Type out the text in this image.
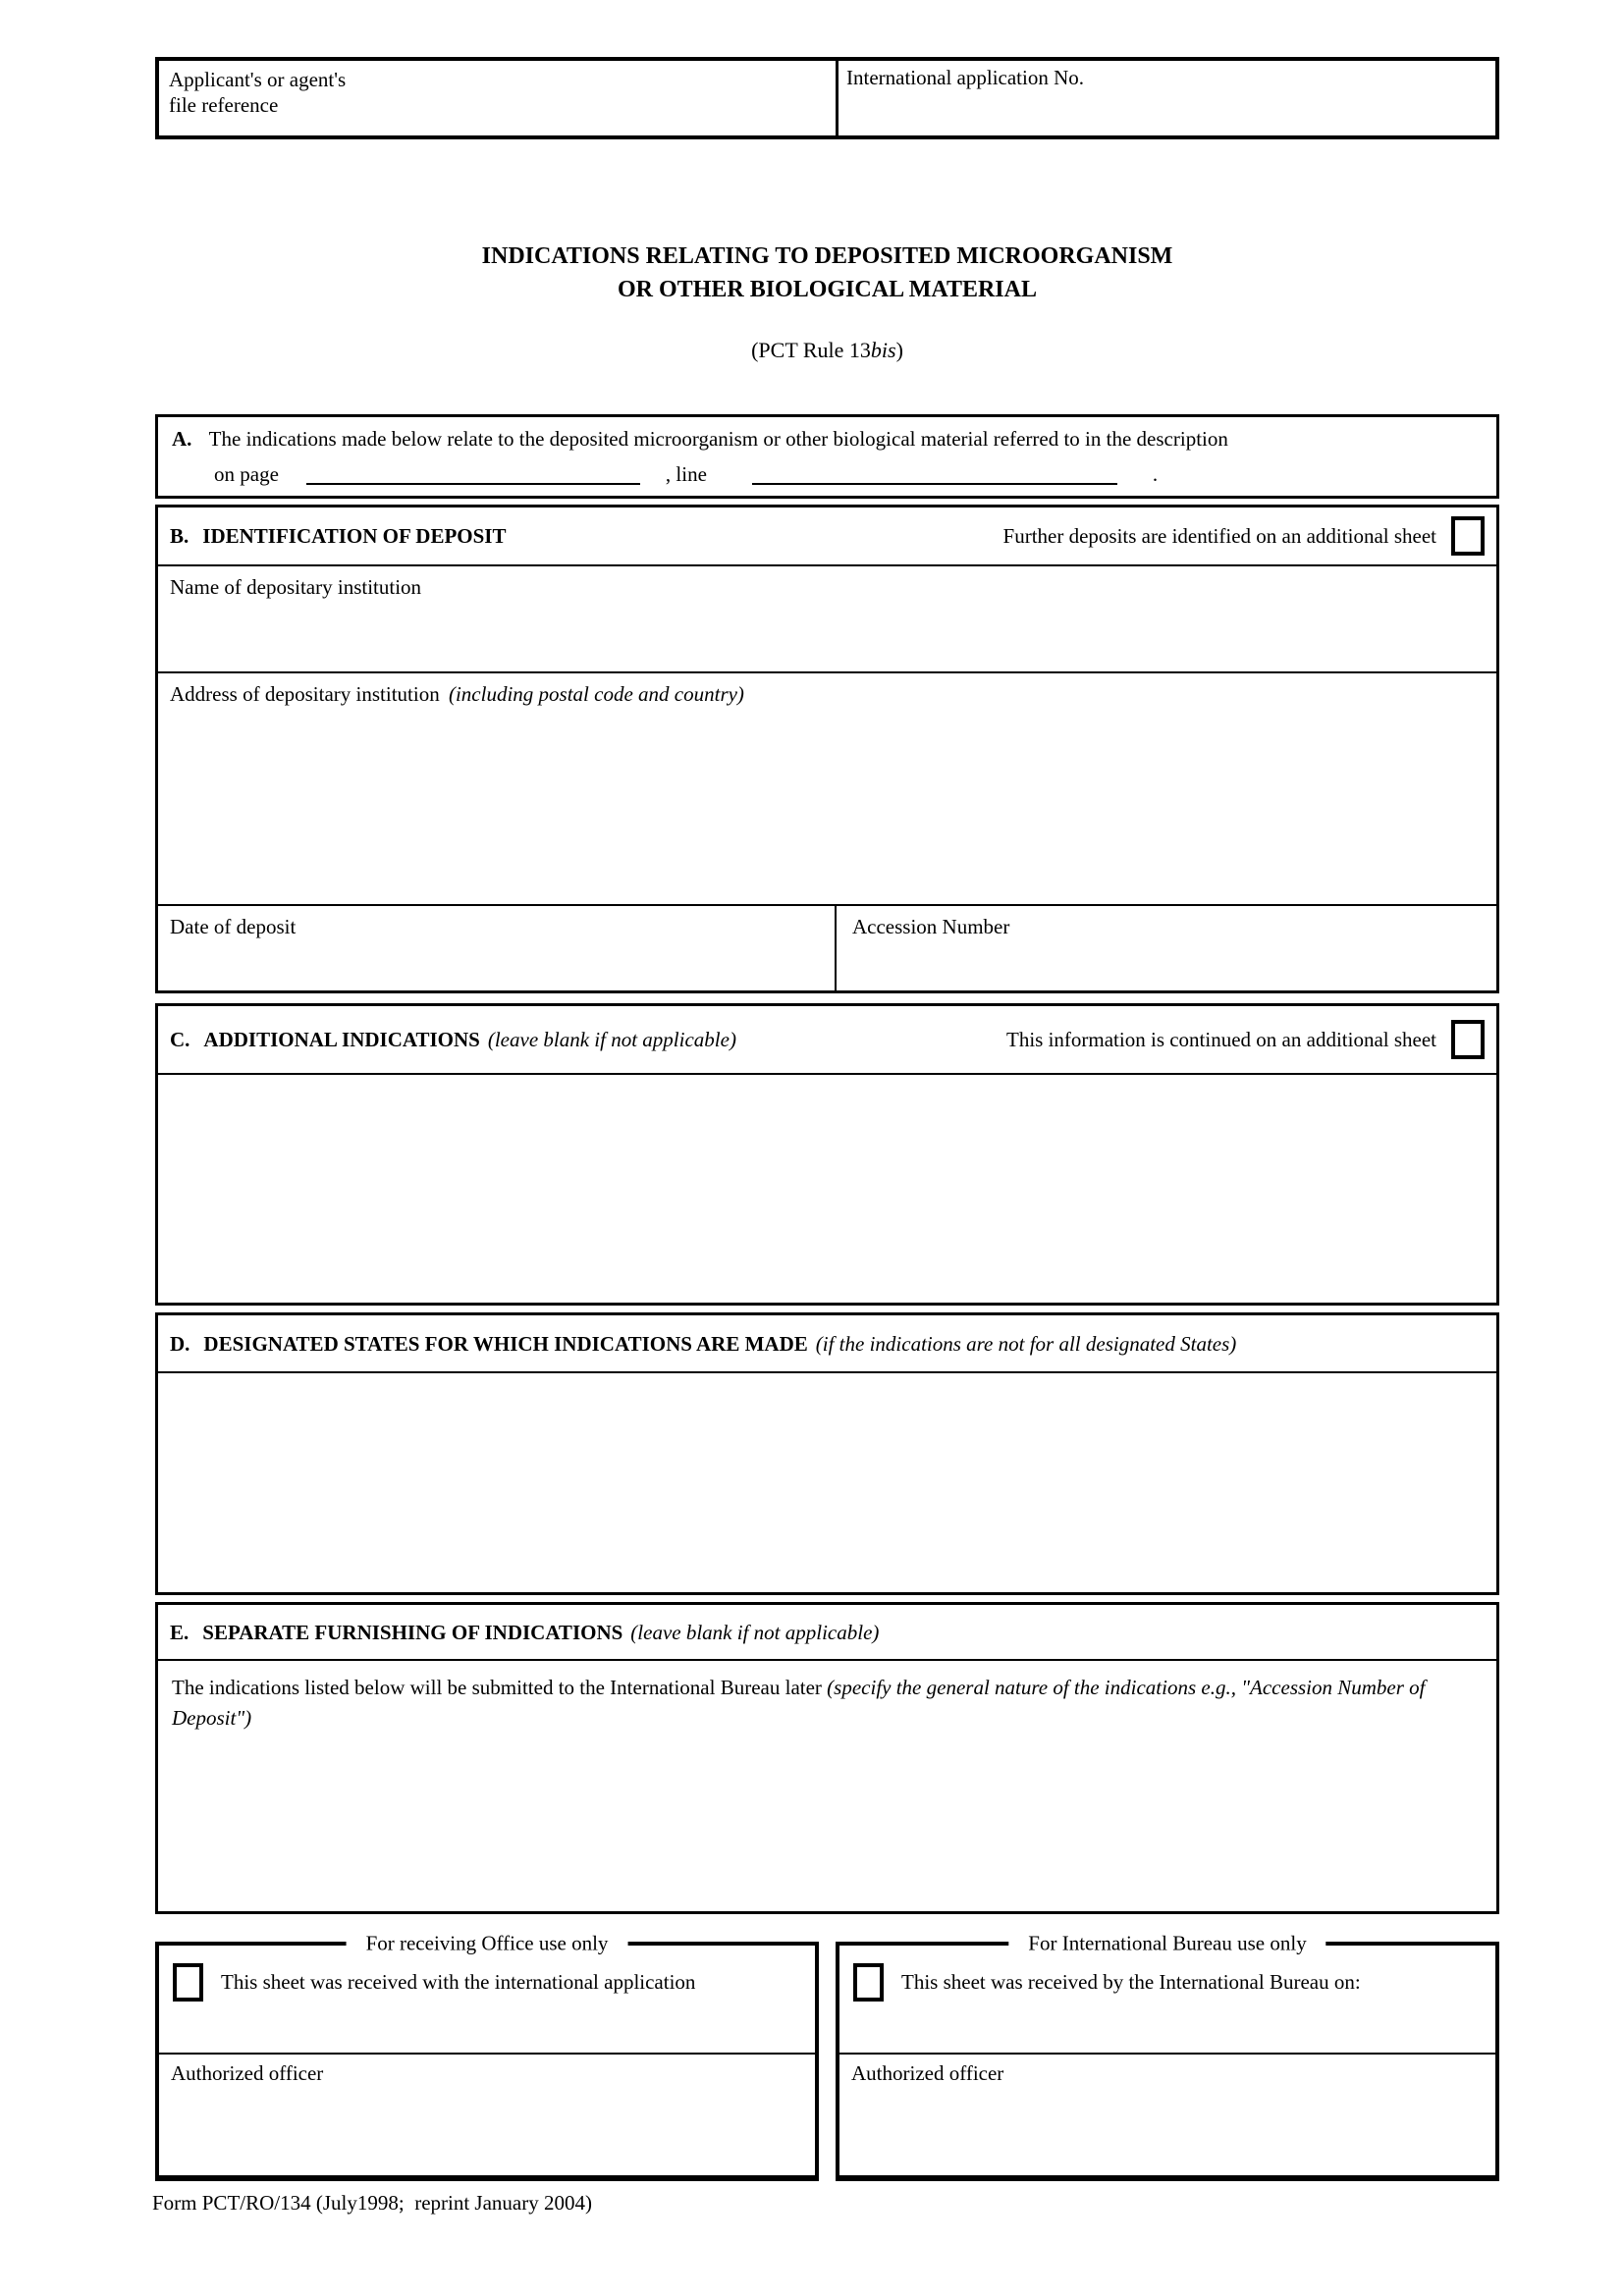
Applicant's or agent's
file reference
International application No.
INDICATIONS RELATING TO DEPOSITED MICROORGANISM
OR OTHER BIOLOGICAL MATERIAL
(PCT Rule 13bis)
A. The indications made below relate to the deposited microorganism or other biological material referred to in the description
on page	, line	.
B. IDENTIFICATION OF DEPOSIT	Further deposits are identified on an additional sheet
Name of depositary institution
Address of depositary institution (including postal code and country)
Date of deposit	Accession Number
C. ADDITIONAL INDICATIONS (leave blank if not applicable)	This information is continued on an additional sheet
D. DESIGNATED STATES FOR WHICH INDICATIONS ARE MADE (if the indications are not for all designated States)
E. SEPARATE FURNISHING OF INDICATIONS (leave blank if not applicable)
The indications listed below will be submitted to the International Bureau later (specify the general nature of the indications e.g., "Accession Number of Deposit")
For receiving Office use only
This sheet was received with the international application
Authorized officer
For International Bureau use only
This sheet was received by the International Bureau on:
Authorized officer
Form PCT/RO/134 (July1998;  reprint January 2004)
